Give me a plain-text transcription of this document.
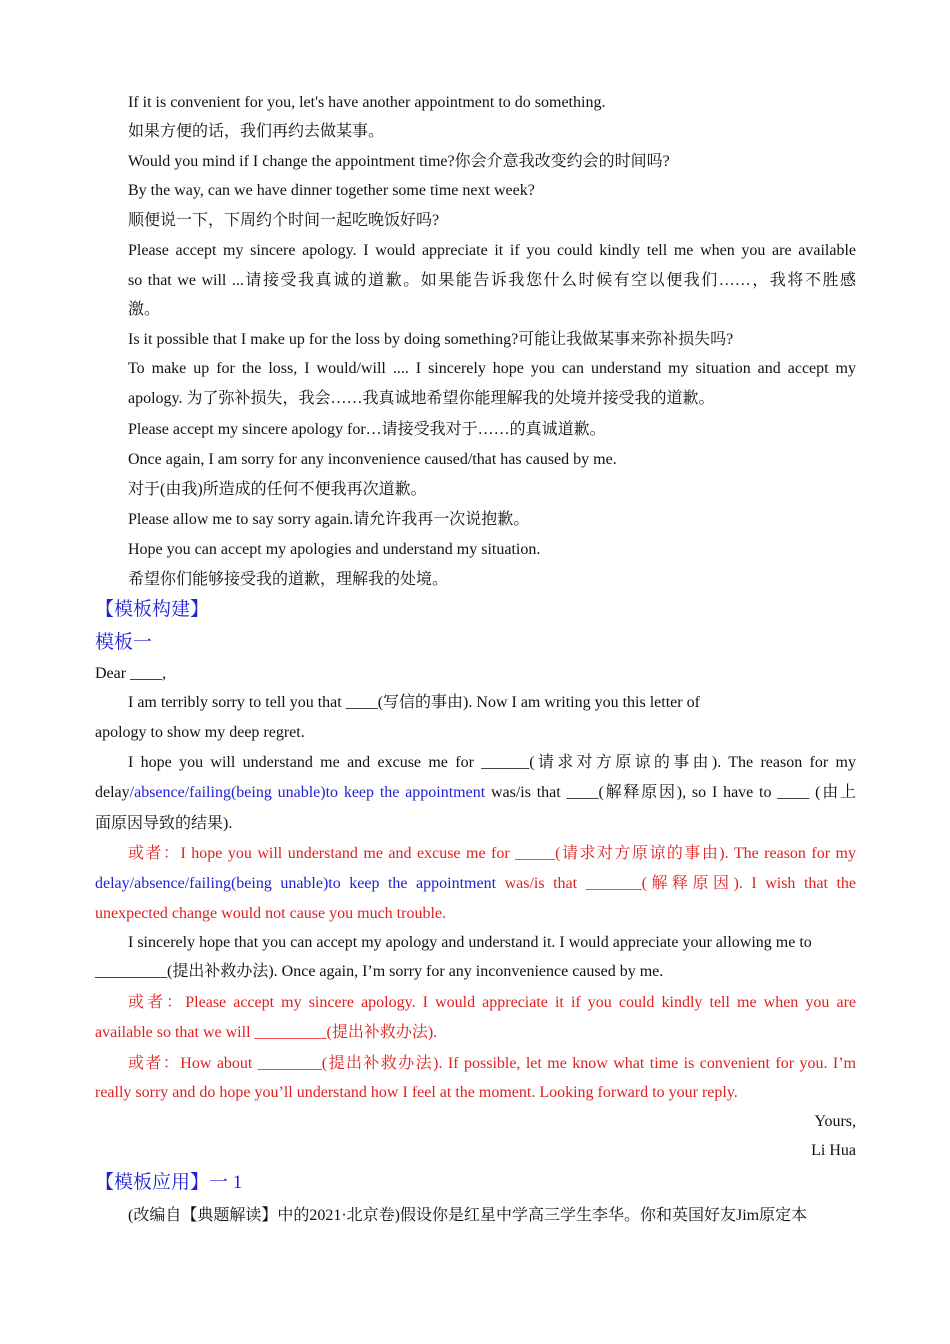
If it is convenient for you, let's have another appointment to do something.
如果方便的话，我们再约去做某事。
Would you mind if I change the appointment time?你会介意我改变约会的时间吗?
By the way, can we have dinner together some time next week?
顺便说一下，下周约个时间一起吃晚饭好吗?
Please accept my sincere apology. I would appreciate it if you could kindly tell me when you are available
so that we will ...请接受我真诚的道歉。如果能告诉我您什么时候有空以便我们……，我将不胜感
激。
Is it possible that I make up for the loss by doing something?可能让我做某事来弥补损失吗?
To make up for the loss, I would/will .... I sincerely hope you can understand my situation and accept my
apology. 为了弥补损失，我会……我真诚地希望你能理解我的处境并接受我的道歉。
Please accept my sincere apology for…请接受我对于……的真诚道歉。
Once again, I am sorry for any inconvenience caused/that has caused by me.
对于(由我)所造成的任何不便我再次道歉。
Please allow me to say sorry again.请允许我再一次说抱歉。
Hope you can accept my apologies and understand my situation.
希望你们能够接受我的道歉，理解我的处境。
【模板构建】
模板一
Dear ____,
I am terribly sorry to tell you that ____(写信的事由). Now I am writing you this letter of
apology to show my deep regret.
I hope you will understand me and excuse me for ______(请求对方原谅的事由). The reason for my
delay/absence/failing(being unable)to keep the appointment was/is that ____(解释原因), so I have to ____ (由上
面原因导致的结果).
或者：I hope you will understand me and excuse me for _____(请求对方原谅的事由). The reason for my
delay/absence/failing(being unable)to keep the appointment was/is that _______(解释原因). I wish that the
unexpected change would not cause you much trouble.
I sincerely hope that you can accept my apology and understand it. I would appreciate your allowing me to
_________(提出补救办法). Once again, I’m sorry for any inconvenience caused by me.
或者：Please accept my sincere apology. I would appreciate it if you could kindly tell me when you are
available so that we will _________(提出补救办法).
或者：How about ________(提出补救办法). If possible, let me know what time is convenient for you. I’m
really sorry and do hope you’ll understand how I feel at the moment. Looking forward to your reply.
Yours,
Li Hua
【模板应用】一 1
(改编自【典题解读】中的2021·北京卷)假设你是红星中学高三学生李华。你和英国好友Jim原定本
